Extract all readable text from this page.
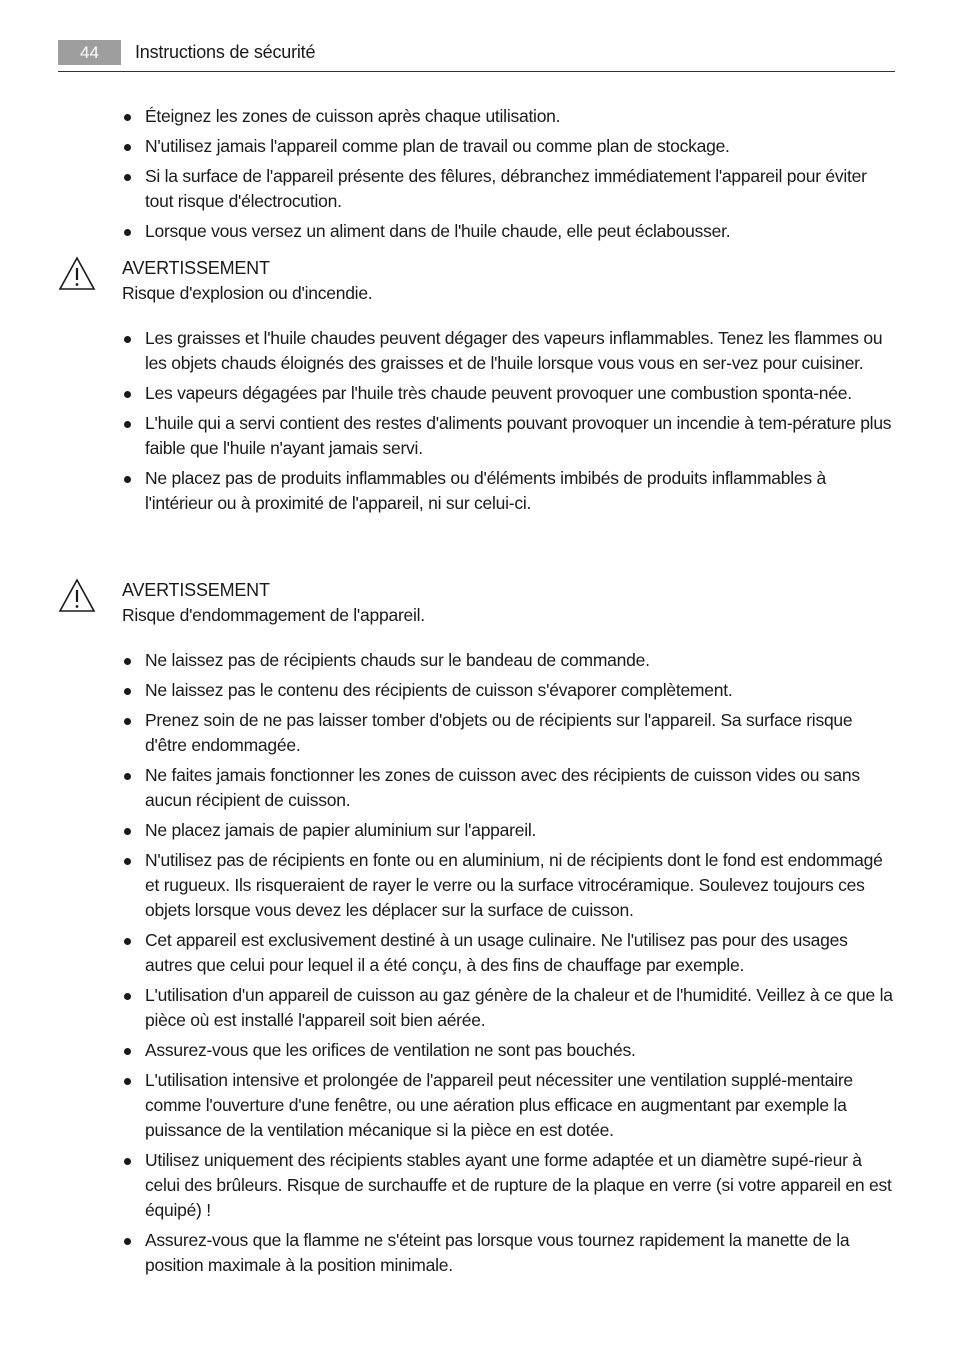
44	Instructions de sécurité
Éteignez les zones de cuisson après chaque utilisation.
N'utilisez jamais l'appareil comme plan de travail ou comme plan de stockage.
Si la surface de l'appareil présente des fêlures, débranchez immédiatement l'appareil pour éviter tout risque d'électrocution.
Lorsque vous versez un aliment dans de l'huile chaude, elle peut éclabousser.
AVERTISSEMENT
Risque d'explosion ou d'incendie.
Les graisses et l'huile chaudes peuvent dégager des vapeurs inflammables. Tenez les flammes ou les objets chauds éloignés des graisses et de l'huile lorsque vous vous en ser-vez pour cuisiner.
Les vapeurs dégagées par l'huile très chaude peuvent provoquer une combustion sponta-née.
L'huile qui a servi contient des restes d'aliments pouvant provoquer un incendie à tem-pérature plus faible que l'huile n'ayant jamais servi.
Ne placez pas de produits inflammables ou d'éléments imbibés de produits inflammables à l'intérieur ou à proximité de l'appareil, ni sur celui-ci.
AVERTISSEMENT
Risque d'endommagement de l'appareil.
Ne laissez pas de récipients chauds sur le bandeau de commande.
Ne laissez pas le contenu des récipients de cuisson s'évaporer complètement.
Prenez soin de ne pas laisser tomber d'objets ou de récipients sur l'appareil. Sa surface risque d'être endommagée.
Ne faites jamais fonctionner les zones de cuisson avec des récipients de cuisson vides ou sans aucun récipient de cuisson.
Ne placez jamais de papier aluminium sur l'appareil.
N'utilisez pas de récipients en fonte ou en aluminium, ni de récipients dont le fond est endommagé et rugueux. Ils risqueraient de rayer le verre ou la surface vitrocéramique. Soulevez toujours ces objets lorsque vous devez les déplacer sur la surface de cuisson.
Cet appareil est exclusivement destiné à un usage culinaire. Ne l'utilisez pas pour des usages autres que celui pour lequel il a été conçu, à des fins de chauffage par exemple.
L'utilisation d'un appareil de cuisson au gaz génère de la chaleur et de l'humidité. Veillez à ce que la pièce où est installé l'appareil soit bien aérée.
Assurez-vous que les orifices de ventilation ne sont pas bouchés.
L'utilisation intensive et prolongée de l'appareil peut nécessiter une ventilation supplé-mentaire comme l'ouverture d'une fenêtre, ou une aération plus efficace en augmentant par exemple la puissance de la ventilation mécanique si la pièce en est dotée.
Utilisez uniquement des récipients stables ayant une forme adaptée et un diamètre supé-rieur à celui des brûleurs. Risque de surchauffe et de rupture de la plaque en verre (si votre appareil en est équipé) !
Assurez-vous que la flamme ne s'éteint pas lorsque vous tournez rapidement la manette de la position maximale à la position minimale.
